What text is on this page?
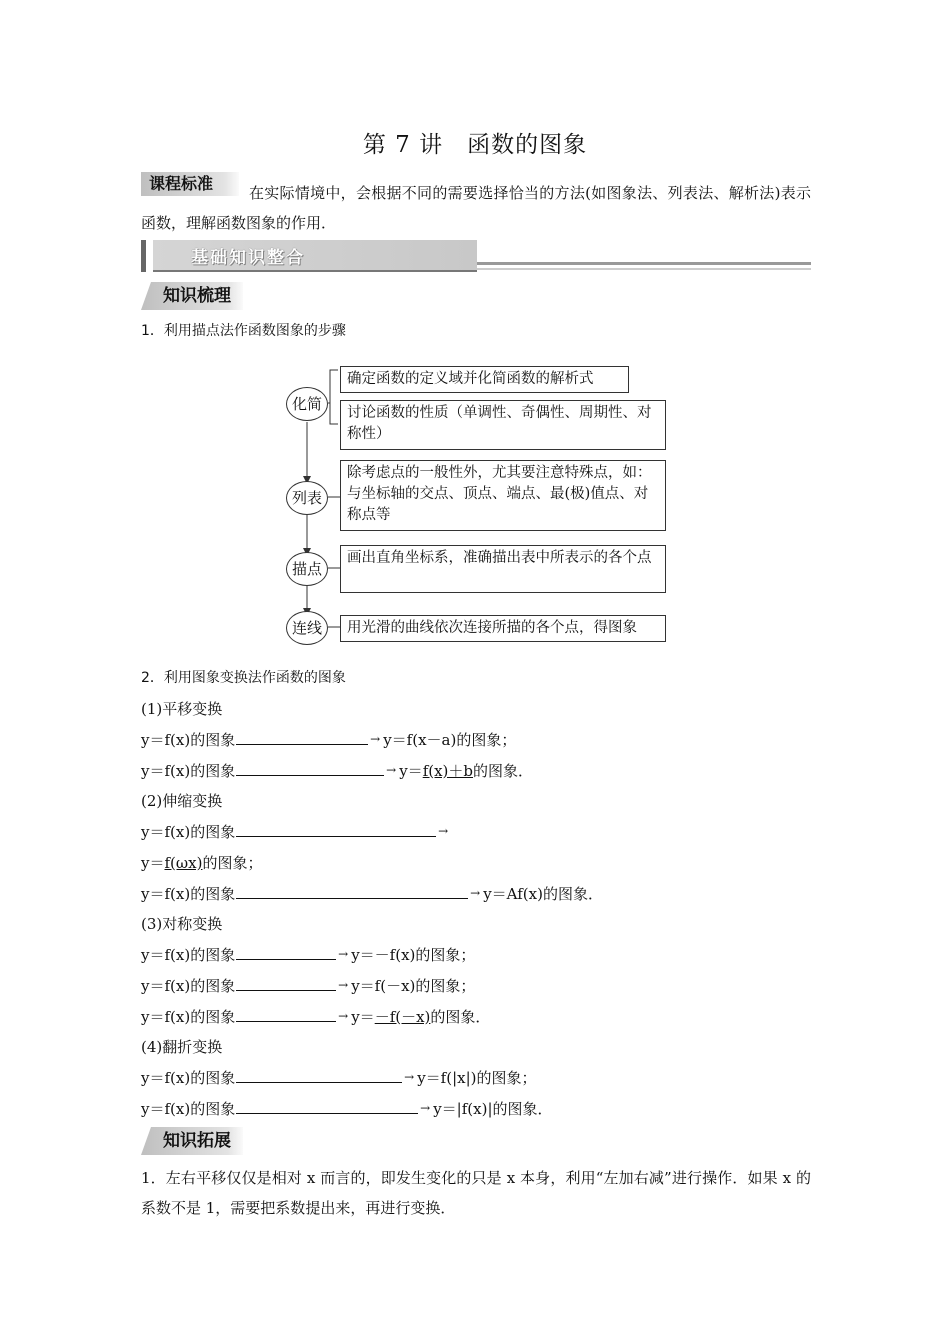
第 7 讲　函数的图象
课程标准	在实际情境中，会根据不同的需要选择恰当的方法(如图象法、列表法、解析法)表示函数，理解函数图象的作用．
基础知识整合
知识梳理
1．利用描点法作函数图象的步骤
化简
列表
描点
连线
确定函数的定义域并化简函数的解析式
讨论函数的性质（单调性、奇偶性、周期性、对称性）
除考虑点的一般性外，尤其要注意特殊点，如：与坐标轴的交点、顶点、端点、最(极)值点、对称点等
画出直角坐标系，准确描出表中所表示的各个点
用光滑的曲线依次连接所描的各个点，得图象
2．利用图象变换法作函数的图象
(1)平移变换
y＝f(x)的图象 →	y＝f(x－a)的图象；
y＝f(x)的图象 →	y＝f(x)＋b的图象．
(2)伸缩变换
y＝f(x)的图象→
y＝f(ωx)的图象；
y＝f(x)的图象 →	y＝Af(x)的图象．
(3)对称变换
y＝f(x)的图象 →	y＝－f(x)的图象；
y＝f(x)的图象 →	y＝f(－x)的图象；
y＝f(x)的图象 →	y＝－f(－x)的图象．
(4)翻折变换
y＝f(x)的图象 →	y＝f(|x|)的图象；
y＝f(x)的图象 →	y＝|f(x)|的图象．
知识拓展
1．左右平移仅仅是相对 x 而言的，即发生变化的只是 x 本身，利用“左加右减”进行操作．如果 x 的系数不是 1，需要把系数提出来，再进行变换．
